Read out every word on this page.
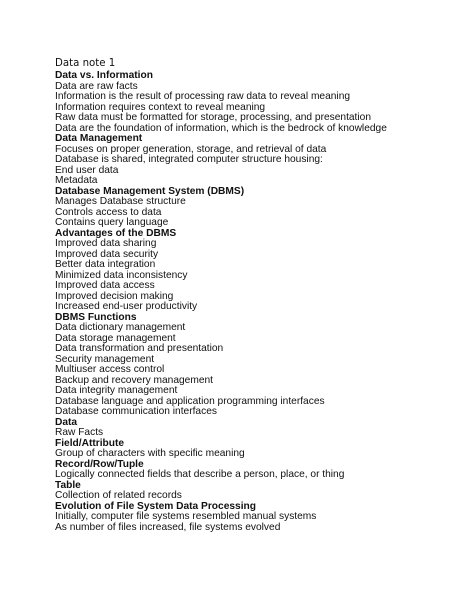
Data note 1
Data vs. Information
Data are raw facts
Information is the result of processing raw data to reveal meaning
Information requires context to reveal meaning
Raw data must be formatted for storage, processing, and presentation
Data are the foundation of information, which is the bedrock of knowledge
Data Management
Focuses on proper generation, storage, and retrieval of data
Database is shared, integrated computer structure housing:
End user data
Metadata
Database Management System (DBMS)
Manages Database structure
Controls access to data
Contains query language
Advantages of the DBMS
Improved data sharing
Improved data security
Better data integration
Minimized data inconsistency
Improved data access
Improved decision making
Increased end-user productivity
DBMS Functions
Data dictionary management
Data storage management
Data transformation and presentation
Security management
Multiuser access control
Backup and recovery management
Data integrity management
Database language and application programming interfaces
Database communication interfaces
Data
Raw Facts
Field/Attribute
Group of characters with specific meaning
Record/Row/Tuple
Logically connected fields that describe a person, place, or thing
Table
Collection of related records
Evolution of File System Data Processing
Initially, computer file systems resembled manual systems
As number of files increased, file systems evolved
